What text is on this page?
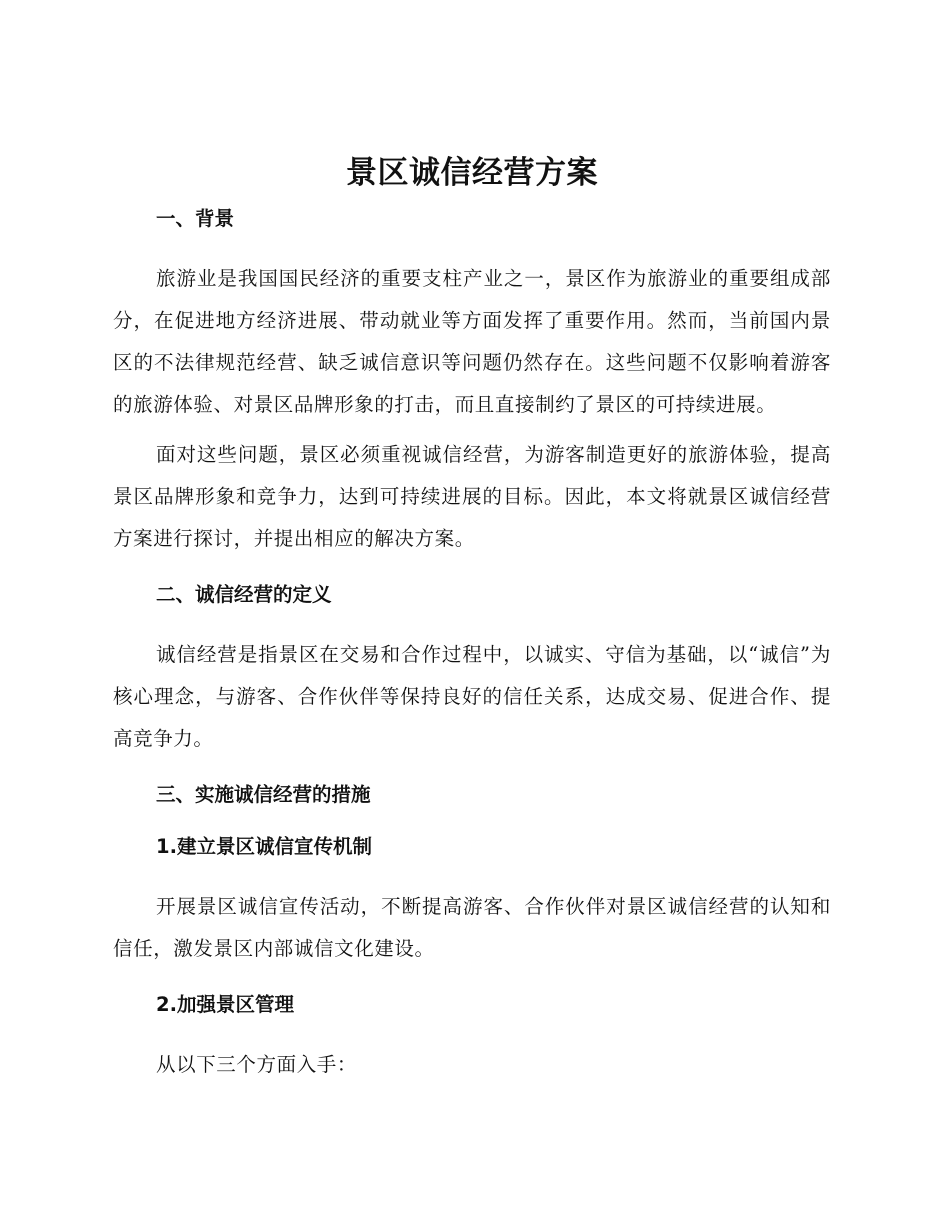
景区诚信经营方案
一、背景

旅游业是我国国民经济的重要支柱产业之一，景区作为旅游业的重要组成部分，在促进地方经济进展、带动就业等方面发挥了重要作用。然而，当前国内景区的不法律规范经营、缺乏诚信意识等问题仍然存在。这些问题不仅影响着游客的旅游体验、对景区品牌形象的打击，而且直接制约了景区的可持续进展。

面对这些问题，景区必须重视诚信经营，为游客制造更好的旅游体验，提高景区品牌形象和竞争力，达到可持续进展的目标。因此，本文将就景区诚信经营方案进行探讨，并提出相应的解决方案。

二、诚信经营的定义

诚信经营是指景区在交易和合作过程中，以诚实、守信为基础，以“诚信”为核心理念，与游客、合作伙伴等保持良好的信任关系，达成交易、促进合作、提高竞争力。

三、实施诚信经营的措施
1.建立景区诚信宣传机制

开展景区诚信宣传活动，不断提高游客、合作伙伴对景区诚信经营的认知和信任，激发景区内部诚信文化建设。

2.加强景区管理

从以下三个方面入手：
